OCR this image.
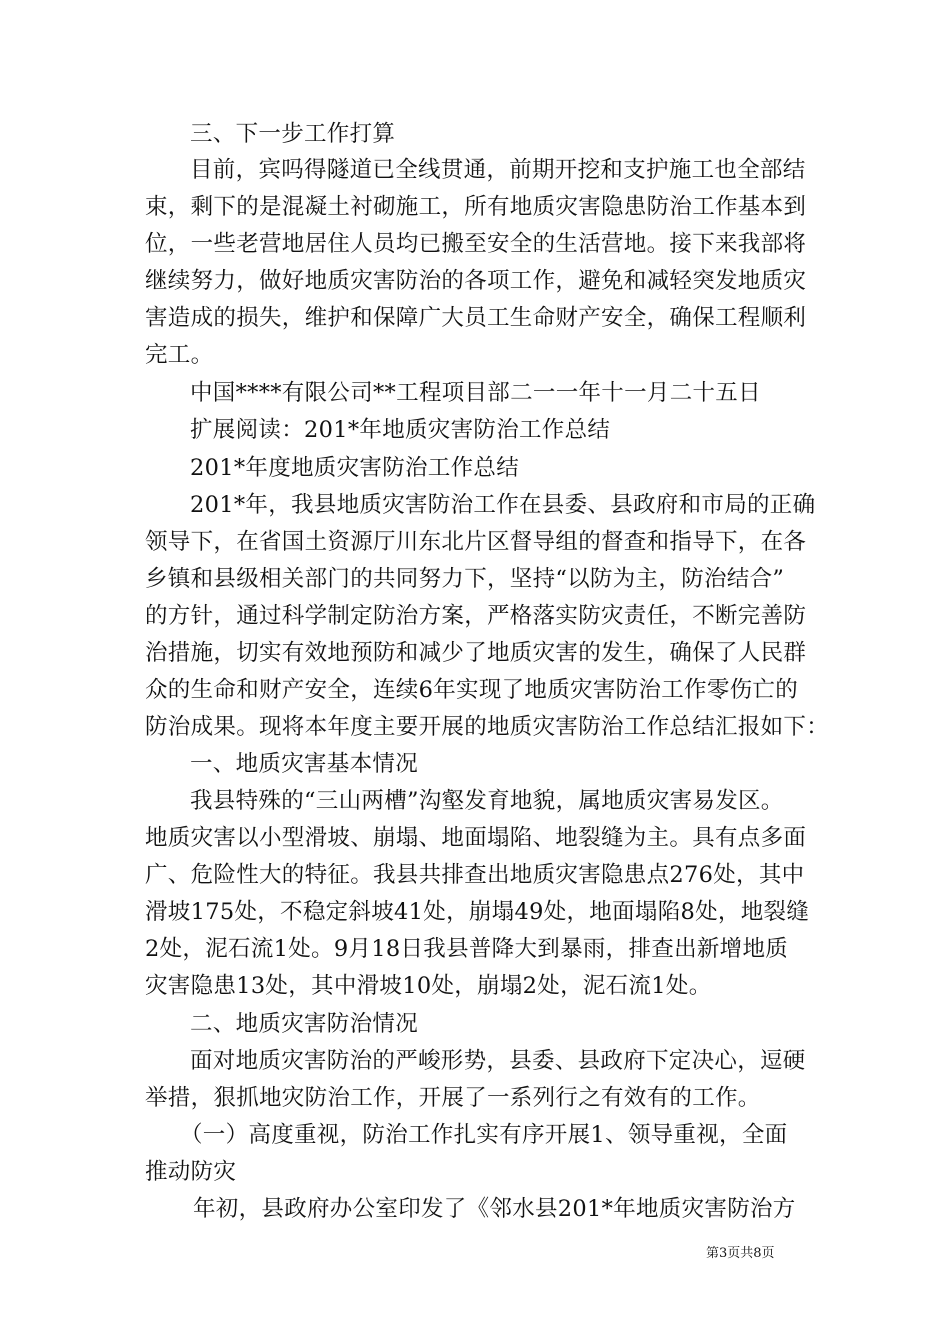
三、下一步工作打算
目前，宾吗得隧道已全线贯通，前期开挖和支护施工也全部结
束，剩下的是混凝土衬砌施工，所有地质灾害隐患防治工作基本到
位，一些老营地居住人员均已搬至安全的生活营地。接下来我部将
继续努力，做好地质灾害防治的各项工作，避免和减轻突发地质灾
害造成的损失，维护和保障广大员工生命财产安全，确保工程顺利
完工。
中国****有限公司**工程项目部二一一年十一月二十五日
扩展阅读：201*年地质灾害防治工作总结
201*年度地质灾害防治工作总结
201*年，我县地质灾害防治工作在县委、县政府和市局的正确
领导下，在省国土资源厅川东北片区督导组的督查和指导下，在各
乡镇和县级相关部门的共同努力下，坚持“以防为主，防治结合”
的方针，通过科学制定防治方案，严格落实防灾责任，不断完善防
治措施，切实有效地预防和减少了地质灾害的发生，确保了人民群
众的生命和财产安全，连续6年实现了地质灾害防治工作零伤亡的
防治成果。现将本年度主要开展的地质灾害防治工作总结汇报如下：
一、地质灾害基本情况
我县特殊的“三山两槽”沟壑发育地貌，属地质灾害易发区。
地质灾害以小型滑坡、崩塌、地面塌陷、地裂缝为主。具有点多面
广、危险性大的特征。我县共排查出地质灾害隐患点276处，其中
滑坡175处，不稳定斜坡41处，崩塌49处，地面塌陷8处，地裂缝
2处，泥石流1处。9月18日我县普降大到暴雨，排查出新增地质
灾害隐患13处，其中滑坡10处，崩塌2处，泥石流1处。
二、地质灾害防治情况
面对地质灾害防治的严峻形势，县委、县政府下定决心，逗硬
举措，狠抓地灾防治工作，开展了一系列行之有效有的工作。
（一）高度重视，防治工作扎实有序开展1、领导重视，全面
推动防灾
年初，县政府办公室印发了《邻水县201*年地质灾害防治方
第3页共8页
